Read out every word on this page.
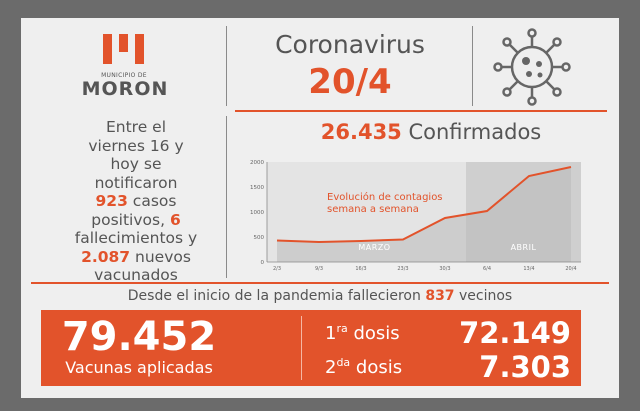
MUNICIPIO DE
MORON
Coronavirus
20/4
Entre el
viernes 16 y
hoy se
notificaron
923 casos
positivos, 6
fallecimientos y
2.087 nuevos
vacunados
26.435 Confirmados
0
500
1000
1500
2000
2/3	9/3	16/3	23/3	30/3	6/4	13/4	20/4
MARZO	ABRIL
Evolución de contagios
semana a semana
Desde el inicio de la pandemia fallecieron 837 vecinos
79.452
Vacunas aplicadas
$1^{ra}$ dosis	72.149
$2^{da}$ dosis	7.303
